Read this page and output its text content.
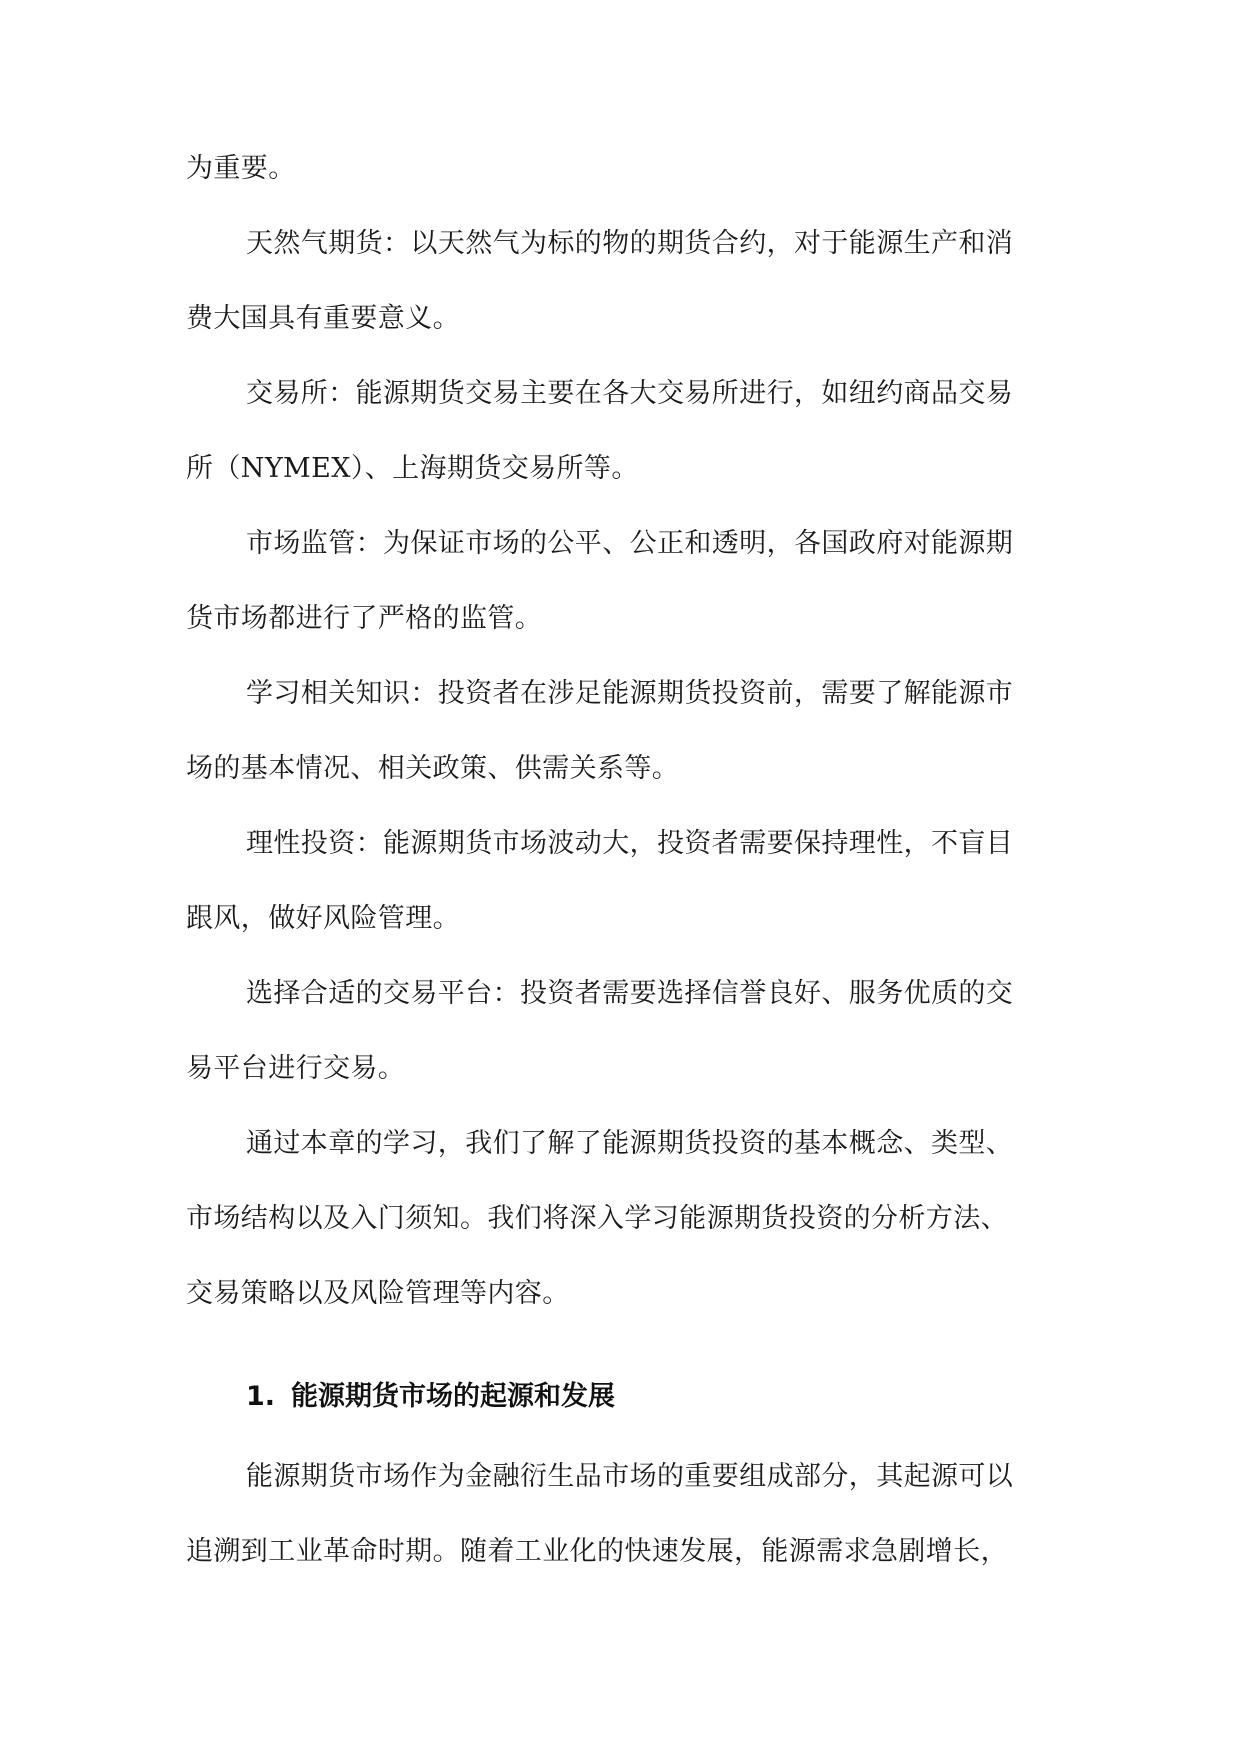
为重要。
天然气期货：以天然气为标的物的期货合约，对于能源生产和消
费大国具有重要意义。
交易所：能源期货交易主要在各大交易所进行，如纽约商品交易
所（NYMEX）、上海期货交易所等。
市场监管：为保证市场的公平、公正和透明，各国政府对能源期
货市场都进行了严格的监管。
学习相关知识：投资者在涉足能源期货投资前，需要了解能源市
场的基本情况、相关政策、供需关系等。
理性投资：能源期货市场波动大，投资者需要保持理性，不盲目
跟风，做好风险管理。
选择合适的交易平台：投资者需要选择信誉良好、服务优质的交
易平台进行交易。
通过本章的学习，我们了解了能源期货投资的基本概念、类型、
市场结构以及入门须知。我们将深入学习能源期货投资的分析方法、
交易策略以及风险管理等内容。
1. 能源期货市场的起源和发展
能源期货市场作为金融衍生品市场的重要组成部分，其起源可以
追溯到工业革命时期。随着工业化的快速发展，能源需求急剧增长，
